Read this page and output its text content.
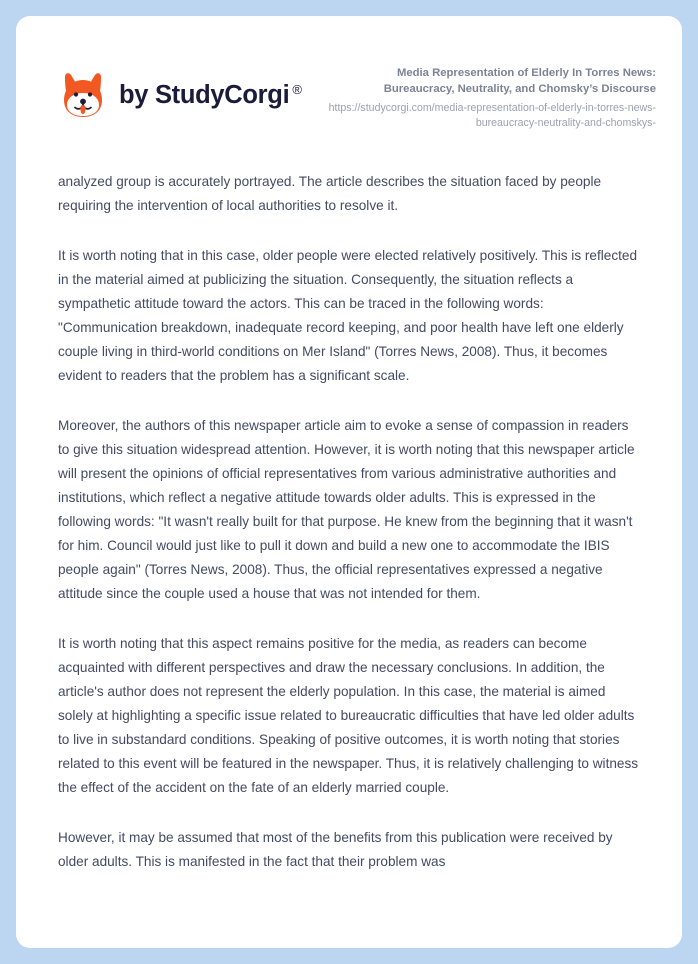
by StudyCorgi ®

Media Representation of Elderly In Torres News: Bureaucracy, Neutrality, and Chomsky’s Discourse

https://studycorgi.com/media-representation-of-elderly-in-torres-news-bureaucracy-neutrality-and-chomskys-

analyzed group is accurately portrayed. The article describes the situation faced by people requiring the intervention of local authorities to resolve it.

It is worth noting that in this case, older people were elected relatively positively. This is reflected in the material aimed at publicizing the situation. Consequently, the situation reflects a sympathetic attitude toward the actors. This can be traced in the following words: "Communication breakdown, inadequate record keeping, and poor health have left one elderly couple living in third-world conditions on Mer Island" (Torres News, 2008). Thus, it becomes evident to readers that the problem has a significant scale.

Moreover, the authors of this newspaper article aim to evoke a sense of compassion in readers to give this situation widespread attention. However, it is worth noting that this newspaper article will present the opinions of official representatives from various administrative authorities and institutions, which reflect a negative attitude towards older adults. This is expressed in the following words: "It wasn't really built for that purpose. He knew from the beginning that it wasn't for him. Council would just like to pull it down and build a new one to accommodate the IBIS people again" (Torres News, 2008). Thus, the official representatives expressed a negative attitude since the couple used a house that was not intended for them.

It is worth noting that this aspect remains positive for the media, as readers can become acquainted with different perspectives and draw the necessary conclusions. In addition, the article's author does not represent the elderly population. In this case, the material is aimed solely at highlighting a specific issue related to bureaucratic difficulties that have led older adults to live in substandard conditions. Speaking of positive outcomes, it is worth noting that stories related to this event will be featured in the newspaper. Thus, it is relatively challenging to witness the effect of the accident on the fate of an elderly married couple.

However, it may be assumed that most of the benefits from this publication were received by older adults. This is manifested in the fact that their problem was
